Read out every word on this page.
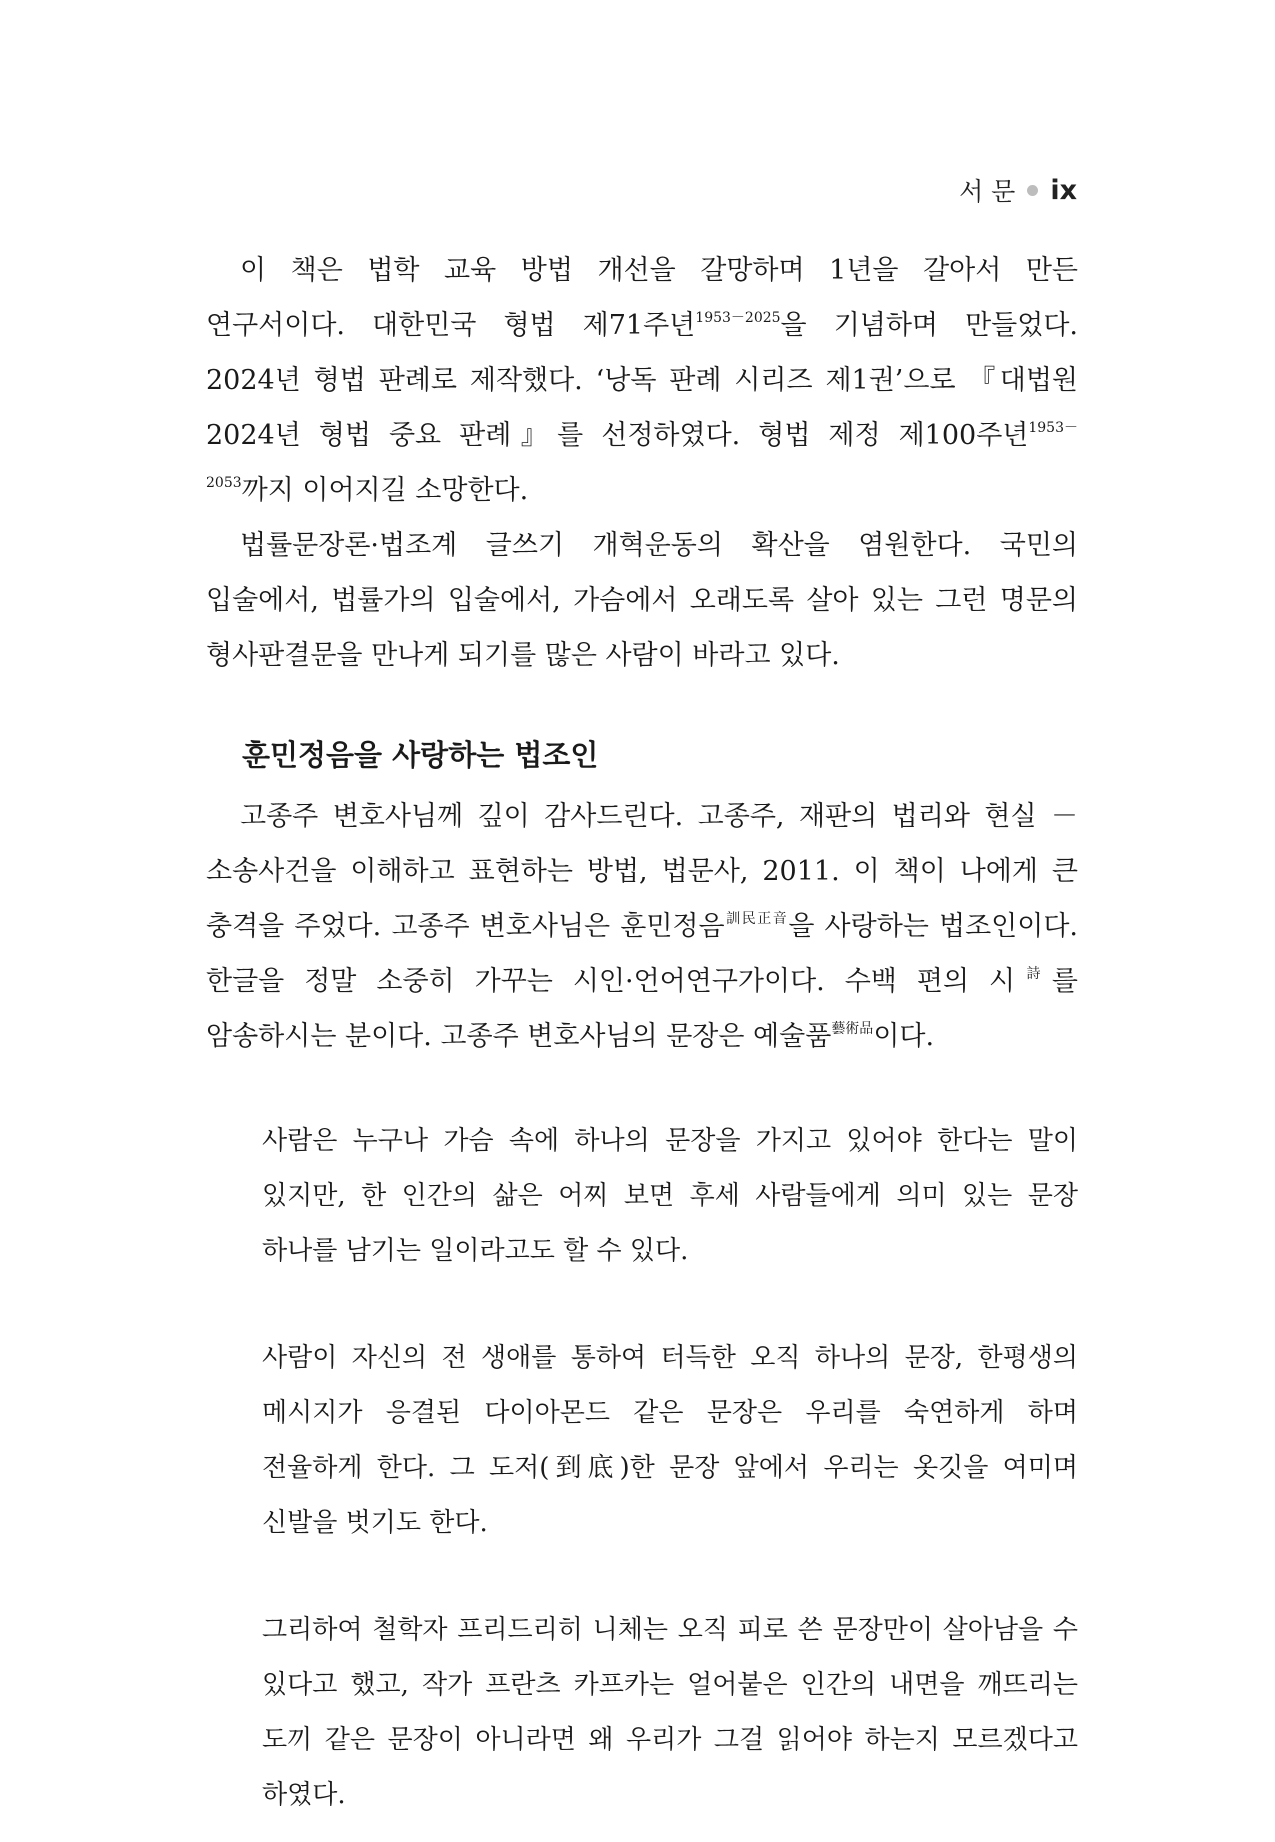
서 문 ix

이 책은 법학 교육 방법 개선을 갈망하며 1년을 갈아서 만든 연구서이다. 대한민국 형법 제71주년$^{1953-2025}$을 기념하며 만들었다. 2024년 형법 판례로 제작했다. ‘낭독 판례 시리즈 제1권’으로 『대법원 2024년 형법 중요 판례』를 선정하였다. 형법 제정 제100주년$^{1953-2053}$까지 이어지길 소망한다.

법률문장론·법조계 글쓰기 개혁운동의 확산을 염원한다. 국민의 입술에서, 법률가의 입술에서, 가슴에서 오래도록 살아 있는 그런 명문의 형사판결문을 만나게 되기를 많은 사람이 바라고 있다.

훈민정음을 사랑하는 법조인

고종주 변호사님께 깊이 감사드린다. 고종주, 재판의 법리와 현실 －소송사건을 이해하고 표현하는 방법, 법문사, 2011. 이 책이 나에게 큰 충격을 주었다. 고종주 변호사님은 훈민정음$^{訓民正音}$을 사랑하는 법조인이다. 한글을 정말 소중히 가꾸는 시인·언어연구가이다. 수백 편의 시$^詩$를 암송하시는 분이다. 고종주 변호사님의 문장은 예술품$^{藝術品}$이다.

사람은 누구나 가슴 속에 하나의 문장을 가지고 있어야 한다는 말이 있지만, 한 인간의 삶은 어찌 보면 후세 사람들에게 의미 있는 문장 하나를 남기는 일이라고도 할 수 있다.
사람이 자신의 전 생애를 통하여 터득한 오직 하나의 문장, 한평생의 메시지가 응결된 다이아몬드 같은 문장은 우리를 숙연하게 하며 전율하게 한다. 그 도저(到底)한 문장 앞에서 우리는 옷깃을 여미며 신발을 벗기도 한다.
그리하여 철학자 프리드리히 니체는 오직 피로 쓴 문장만이 살아남을 수 있다고 했고, 작가 프란츠 카프카는 얼어붙은 인간의 내면을 깨뜨리는 도끼 같은 문장이 아니라면 왜 우리가 그걸 읽어야 하는지 모르겠다고 하였다.
